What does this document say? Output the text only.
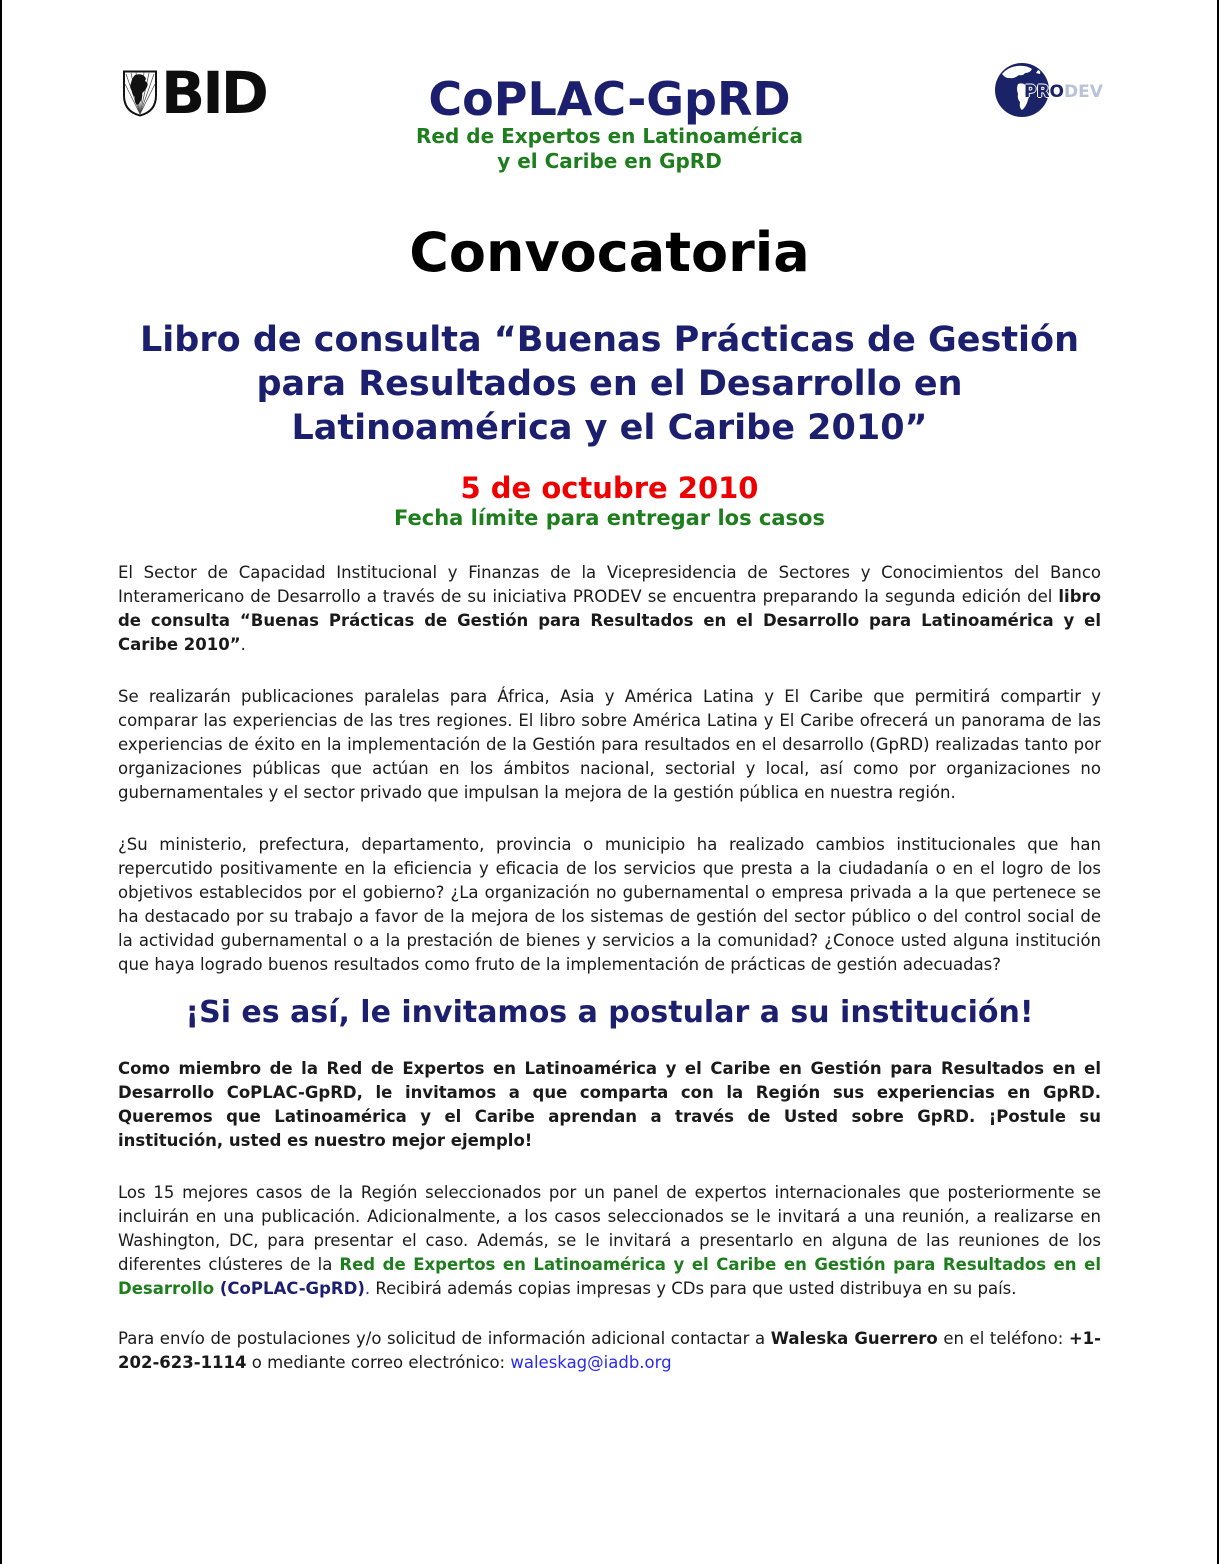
BID	CoPLAC-GpRD
Red de Expertos en Latinoamérica
y el Caribe en GpRD
PRODEV
Convocatoria
Libro de consulta “Buenas Prácticas de Gestión
para Resultados en el Desarrollo en
Latinoamérica y el Caribe 2010”
5 de octubre 2010
Fecha límite para entregar los casos

El Sector de Capacidad Institucional y Finanzas de la Vicepresidencia de Sectores y Conocimientos del Banco Interamericano de Desarrollo a través de su iniciativa PRODEV se encuentra preparando la segunda edición del libro de consulta “Buenas Prácticas de Gestión para Resultados en el Desarrollo para Latinoamérica y el Caribe 2010”.

Se realizarán publicaciones paralelas para África, Asia y América Latina y El Caribe que permitirá compartir y comparar las experiencias de las tres regiones. El libro sobre América Latina y El Caribe ofrecerá un panorama de las experiencias de éxito en la implementación de la Gestión para resultados en el desarrollo (GpRD) realizadas tanto por organizaciones públicas que actúan en los ámbitos nacional, sectorial y local, así como por organizaciones no gubernamentales y el sector privado que impulsan la mejora de la gestión pública en nuestra región.

¿Su ministerio, prefectura, departamento, provincia o municipio ha realizado cambios institucionales que han repercutido positivamente en la eficiencia y eficacia de los servicios que presta a la ciudadanía o en el logro de los objetivos establecidos por el gobierno? ¿La organización no gubernamental o empresa privada a la que pertenece se ha destacado por su trabajo a favor de la mejora de los sistemas de gestión del sector público o del control social de la actividad gubernamental o a la prestación de bienes y servicios a la comunidad? ¿Conoce usted alguna institución que haya logrado buenos resultados como fruto de la implementación de prácticas de gestión adecuadas?

¡Si es así, le invitamos a postular a su institución!

Como miembro de la Red de Expertos en Latinoamérica y el Caribe en Gestión para Resultados en el Desarrollo CoPLAC-GpRD, le invitamos a que comparta con la Región sus experiencias en GpRD. Queremos que Latinoamérica y el Caribe aprendan a través de Usted sobre GpRD. ¡Postule su institución, usted es nuestro mejor ejemplo!

Los 15 mejores casos de la Región seleccionados por un panel de expertos internacionales que posteriormente se incluirán en una publicación. Adicionalmente, a los casos seleccionados se le invitará a una reunión, a realizarse en Washington, DC, para presentar el caso. Además, se le invitará a presentarlo en alguna de las reuniones de los diferentes clústeres de la Red de Expertos en Latinoamérica y el Caribe en Gestión para Resultados en el Desarrollo (CoPLAC-GpRD). Recibirá además copias impresas y CDs para que usted distribuya en su país.

Para envío de postulaciones y/o solicitud de información adicional contactar a Waleska Guerrero en el teléfono: +1-202-623-1114 o mediante correo electrónico: waleskag@iadb.org
